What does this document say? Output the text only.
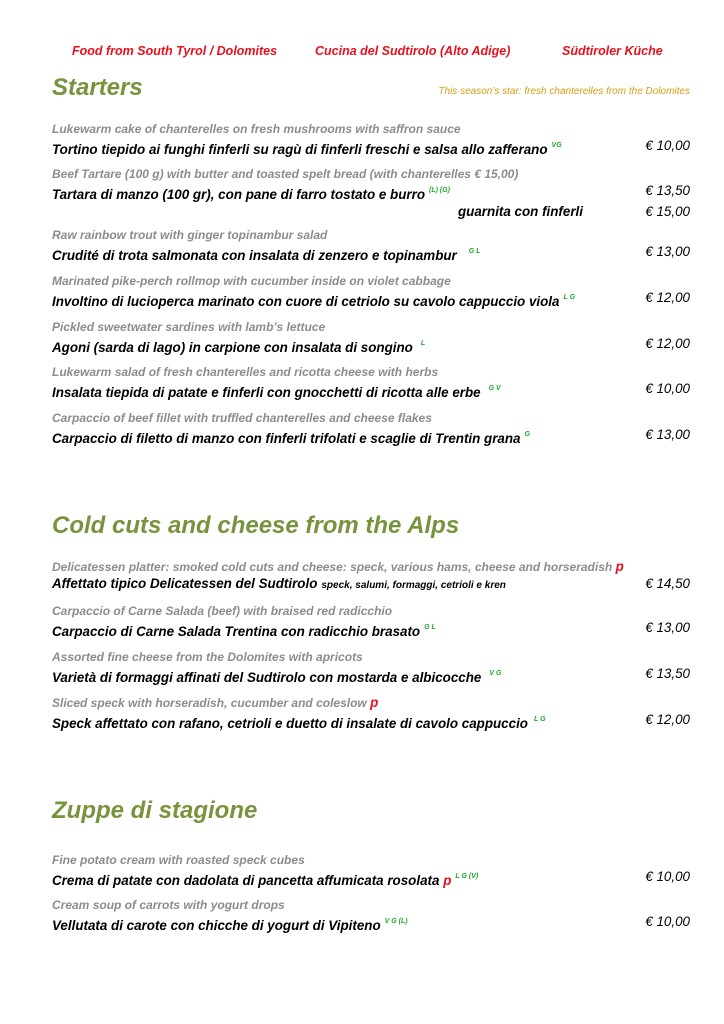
Food from South Tyrol / Dolomites	Cucina del Sudtirolo (Alto Adige)	Südtiroler Küche
Starters	This season’s star: fresh chanterelles from the Dolomites
Lukewarm cake of chanterelles on fresh mushrooms with saffron sauce
Tortino tiepido ai funghi finferli su ragù di finferli freschi e salsa allo zafferano $^{VG}$	€ 10,00
Beef Tartare (100 g) with butter and toasted spelt bread (with chanterelles € 15,00)
Tartara di manzo (100 gr), con pane di farro tostato e burro $^{(L) (G)}$	€ 13,50
guarnita con finferli	€ 15,00
Raw rainbow trout with ginger topinambur salad
Crudité di trota salmonata con insalata di zenzero e topinambur $^{G L}$	€ 13,00
Marinated pike-perch rollmop with cucumber inside on violet cabbage
Involtino di lucioperca marinato con cuore di cetriolo su cavolo cappuccio viola $^{L G}$	€ 12,00
Pickled sweetwater sardines with lamb’s lettuce
Agoni (sarda di lago) in carpione con insalata di songino $^L$	€ 12,00
Lukewarm salad of fresh chanterelles and ricotta cheese with herbs
Insalata tiepida di patate e finferli con gnocchetti di ricotta alle erbe $^{G V}$	€ 10,00
Carpaccio of beef fillet with truffled chanterelles and cheese flakes
Carpaccio di filetto di manzo con finferli trifolati e scaglie di Trentin grana $^G$	€ 13,00
Cold cuts and cheese from the Alps
Delicatessen platter: smoked cold cuts and cheese: speck, various hams, cheese and horseradish p
Affettato tipico Delicatessen del Sudtirolo speck, salumi, formaggi, cetrioli e kren	€ 14,50
Carpaccio of Carne Salada (beef) with braised red radicchio
Carpaccio di Carne Salada Trentina con radicchio brasato $^{G L}$	€ 13,00
Assorted fine cheese from the Dolomites with apricots
Varietà di formaggi affinati del Sudtirolo con mostarda e albicocche $^{V G}$	€ 13,50
Sliced speck with horseradish, cucumber and coleslow p
Speck affettato con rafano, cetrioli e duetto di insalate di cavolo cappuccio $^{L G}$	€ 12,00
Zuppe di stagione
Fine potato cream with roasted speck cubes
Crema di patate con dadolata di pancetta affumicata rosolata p $^{L G (V)}$	€ 10,00
Cream soup of carrots with yogurt drops
Vellutata di carote con chicche di yogurt di Vipiteno $^{V G (L)}$	€ 10,00
